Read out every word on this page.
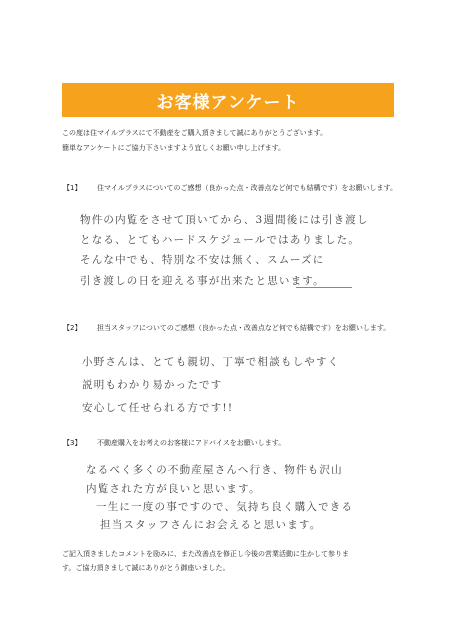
お客様アンケート
この度は住マイルプラスにて不動産をご購入頂きまして誠にありがとうございます。
簡単なアンケートにご協力下さいますよう宜しくお願い申し上げます。
【1】 住マイルプラスについてのご感想（良かった点・改善点など何でも結構です）をお願いします。
物件の内覧をさせて頂いてから、3週間後には引き渡し
となる、とてもハードスケジュールではありました。
そんな中でも、特別な不安は無く、スムーズに
引き渡しの日を迎える事が出来たと思います。
【2】 担当スタッフについてのご感想（良かった点・改善点など何でも結構です）をお願いします。
小野さんは、とても親切、丁寧で相談もしやすく
説明もわかり易かったです
安心して任せられる方です!!
【3】 不動産購入をお考えのお客様にアドバイスをお願いします。
なるべく多くの不動産屋さんへ行き、物件も沢山
内覧された方が良いと思います。
一生に一度の事ですので、気持ち良く購入できる
担当スタッフさんにお会えると思います。
ご記入頂きましたコメントを励みに、また改善点を修正し今後の営業活動に生かして参りま
す。ご協力頂きまして誠にありがとう御座いました。
